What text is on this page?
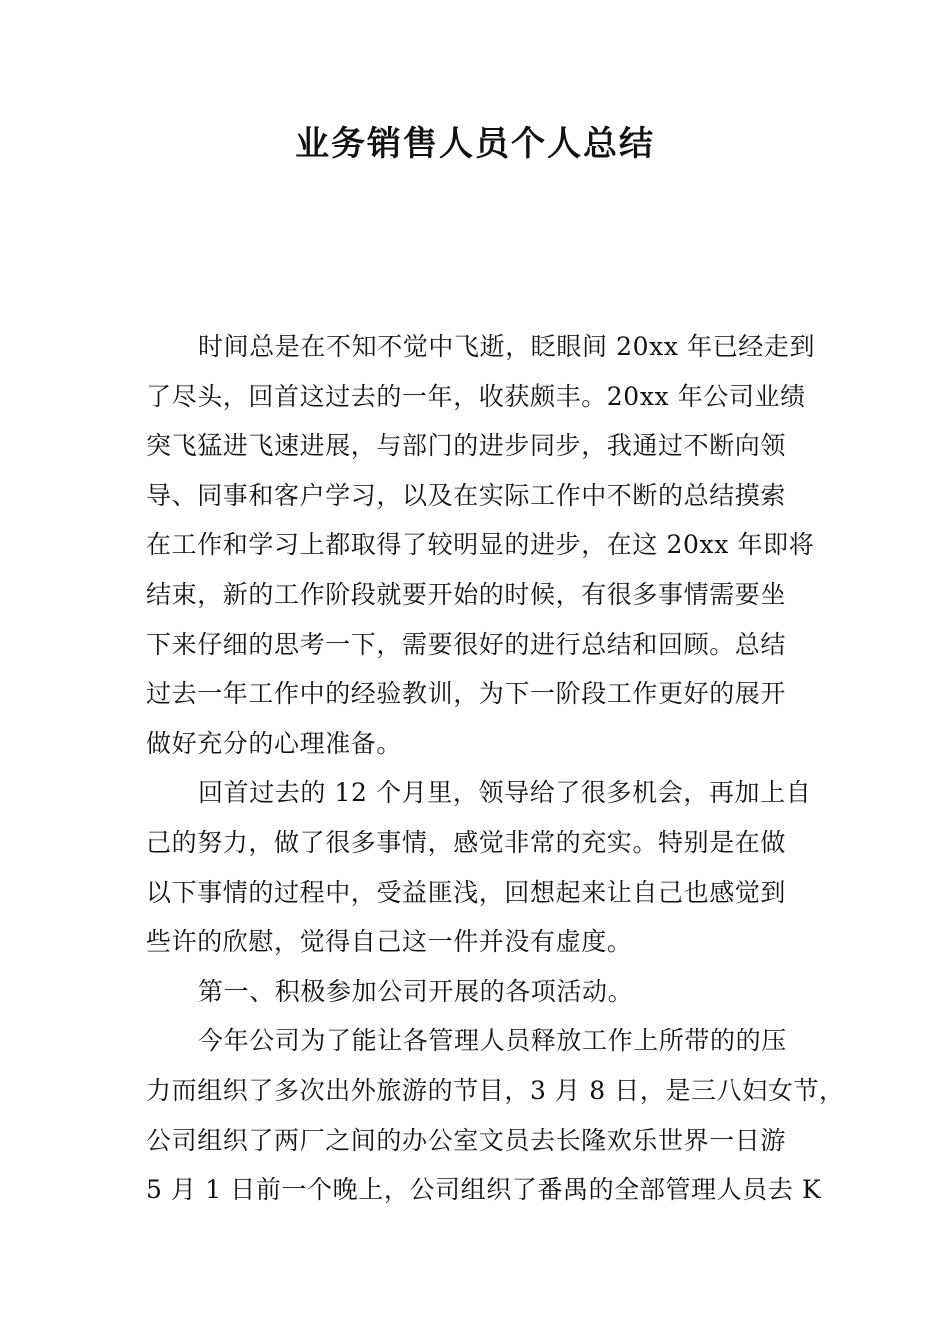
业务销售人员个人总结
时间总是在不知不觉中飞逝，眨眼间 20xx 年已经走到
了尽头，回首这过去的一年，收获颇丰。20xx 年公司业绩
突飞猛进飞速进展，与部门的进步同步，我通过不断向领
导、同事和客户学习，以及在实际工作中不断的总结摸索
在工作和学习上都取得了较明显的进步，在这 20xx 年即将
结束，新的工作阶段就要开始的时候，有很多事情需要坐
下来仔细的思考一下，需要很好的进行总结和回顾。总结
过去一年工作中的经验教训，为下一阶段工作更好的展开
做好充分的心理准备。
回首过去的 12 个月里，领导给了很多机会，再加上自
己的努力，做了很多事情，感觉非常的充实。特别是在做
以下事情的过程中，受益匪浅，回想起来让自己也感觉到
些许的欣慰，觉得自己这一件并没有虚度。
第一、积极参加公司开展的各项活动。
今年公司为了能让各管理人员释放工作上所带的的压
力而组织了多次出外旅游的节目，3 月 8 日，是三八妇女节，
公司组织了两厂之间的办公室文员去长隆欢乐世界一日游
5 月 1 日前一个晚上，公司组织了番禺的全部管理人员去 K
